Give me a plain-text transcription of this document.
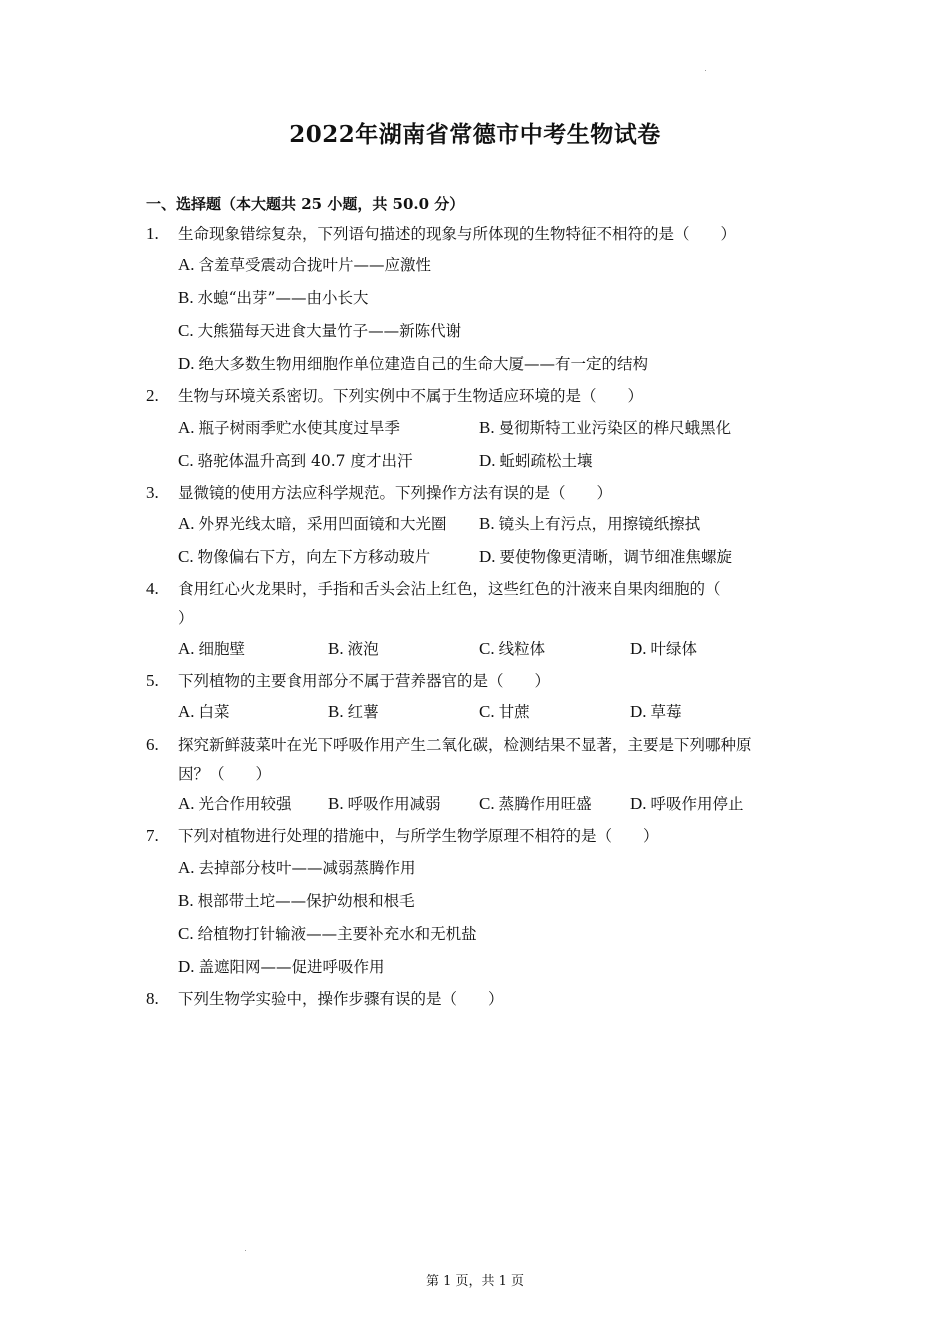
2022年湖南省常德市中考生物试卷
一、选择题（本大题共 25 小题，共 50.0 分）
1. 生命现象错综复杂，下列语句描述的现象与所体现的生物特征不相符的是（　　）
A. 含羞草受震动合拢叶片——应激性
B. 水螅“出芽”——由小长大
C. 大熊猫每天进食大量竹子——新陈代谢
D. 绝大多数生物用细胞作单位建造自己的生命大厦——有一定的结构
2. 生物与环境关系密切。下列实例中不属于生物适应环境的是（　　）
A. 瓶子树雨季贮水使其度过旱季	B. 曼彻斯特工业污染区的桦尺蛾黑化
C. 骆驼体温升高到 40.7 度才出汗	D. 蚯蚓疏松土壤
3. 显微镜的使用方法应科学规范。下列操作方法有误的是（　　）
A. 外界光线太暗，采用凹面镜和大光圈 B. 镜头上有污点，用擦镜纸擦拭
C. 物像偏右下方，向左下方移动玻片	D. 要使物像更清晰，调节细准焦螺旋
4. 食用红心火龙果时，手指和舌头会沾上红色，这些红色的汁液来自果肉细胞的（
）
A. 细胞壁	B. 液泡	C. 线粒体	D. 叶绿体
5. 下列植物的主要食用部分不属于营养器官的是（　　）
A. 白菜	B. 红薯	C. 甘蔗	D. 草莓
6. 探究新鲜菠菜叶在光下呼吸作用产生二氧化碳，检测结果不显著，主要是下列哪种原
因？（　　）
A. 光合作用较强 B. 呼吸作用减弱 C. 蒸腾作用旺盛 D. 呼吸作用停止
7. 下列对植物进行处理的措施中，与所学生物学原理不相符的是（　　）
A. 去掉部分枝叶——减弱蒸腾作用
B. 根部带土坨——保护幼根和根毛
C. 给植物打针输液——主要补充水和无机盐
D. 盖遮阳网——促进呼吸作用
8. 下列生物学实验中，操作步骤有误的是（　　）
第 1 页，共 1 页
